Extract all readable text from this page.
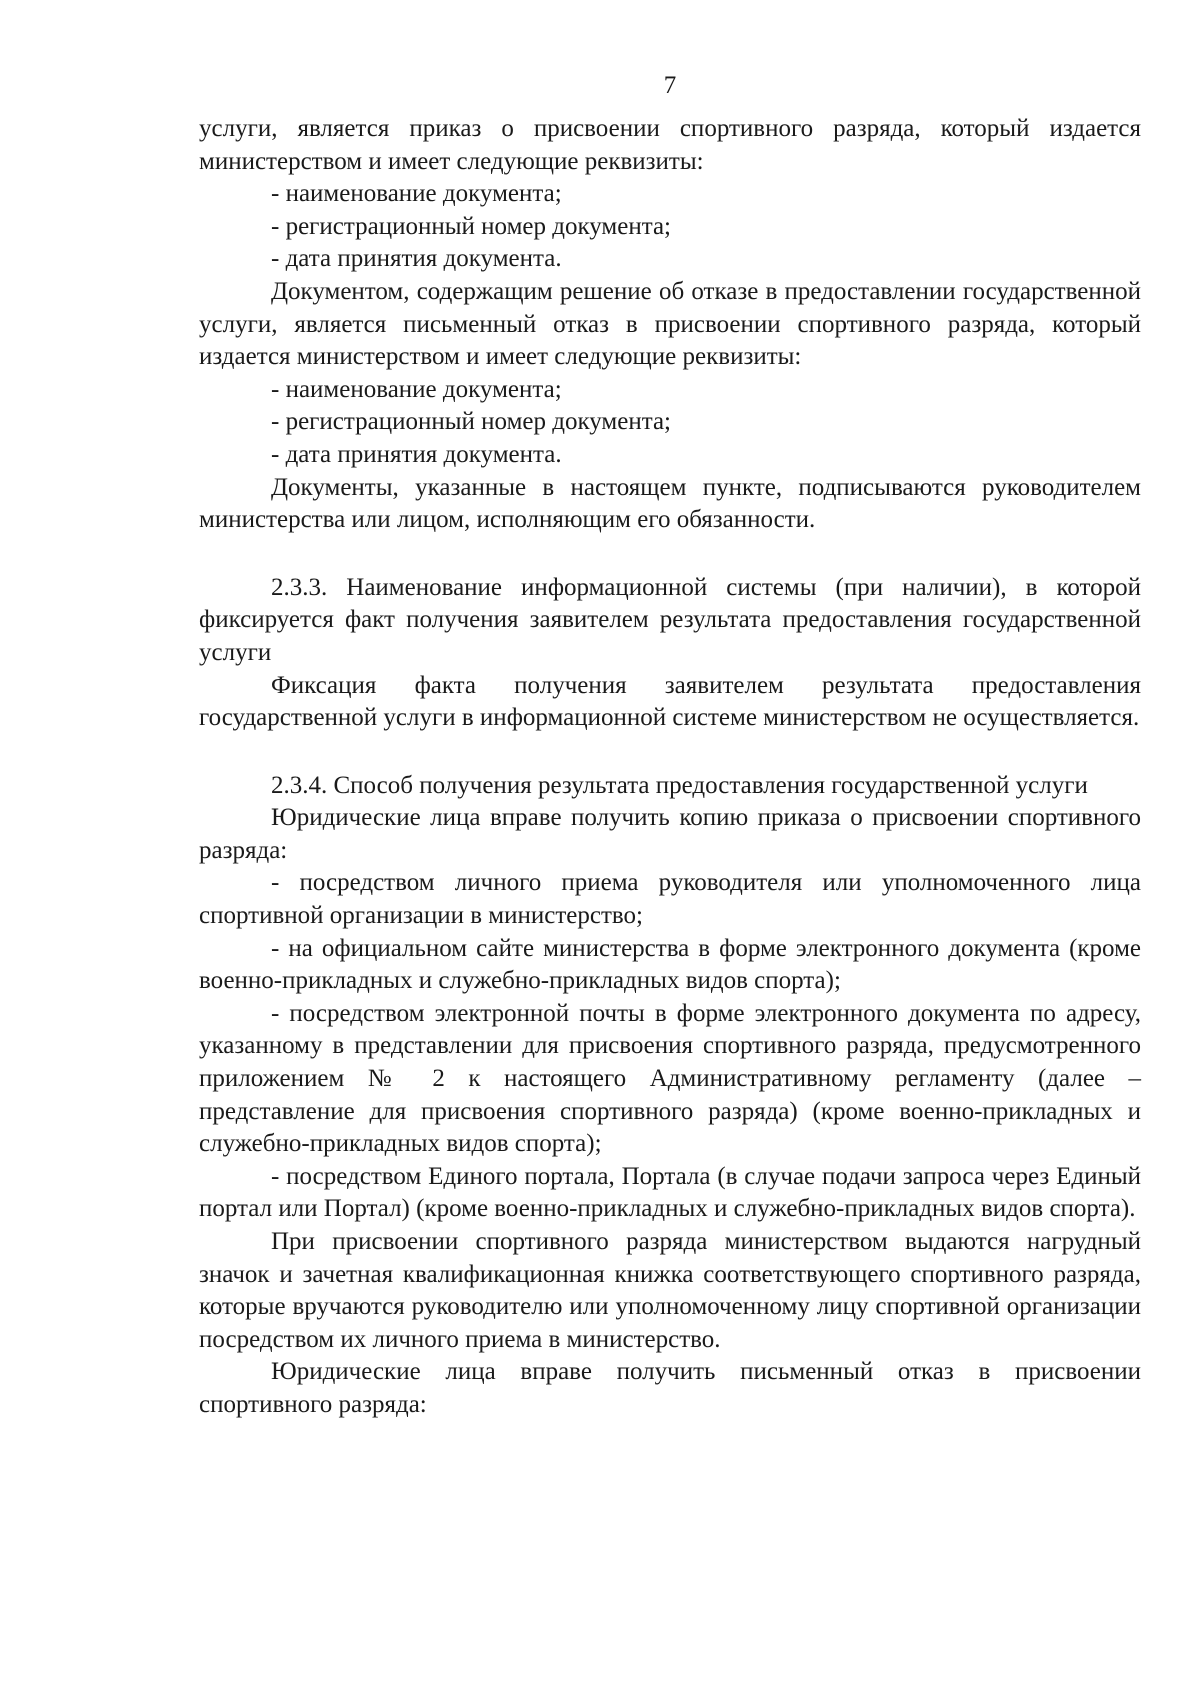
7

услуги, является приказ о присвоении спортивного разряда, который издается министерством и имеет следующие реквизиты:

- наименование документа;

- регистрационный номер документа;

- дата принятия документа.

Документом, содержащим решение об отказе в предоставлении государственной услуги, является письменный отказ в присвоении спортивного разряда, который издается министерством и имеет следующие реквизиты:

- наименование документа;

- регистрационный номер документа;

- дата принятия документа.

Документы, указанные в настоящем пункте, подписываются руководителем министерства или лицом, исполняющим его обязанности.

2.3.3. Наименование информационной системы (при наличии), в которой фиксируется факт получения заявителем результата предоставления государственной услуги

Фиксация факта получения заявителем результата предоставления государственной услуги в информационной системе министерством не осуществляется.

2.3.4. Способ получения результата предоставления государственной услуги

Юридические лица вправе получить копию приказа о присвоении спортивного разряда:

- посредством личного приема руководителя или уполномоченного лица спортивной организации в министерство;

- на официальном сайте министерства в форме электронного документа (кроме военно-прикладных и служебно-прикладных видов спорта);

- посредством электронной почты в форме электронного документа по адресу, указанному в представлении для присвоения спортивного разряда, предусмотренного приложением № 2 к настоящего Административному регламенту (далее – представление для присвоения спортивного разряда) (кроме военно-прикладных и служебно-прикладных видов спорта);

- посредством Единого портала, Портала (в случае подачи запроса через Единый портал или Портал) (кроме военно-прикладных и служебно-прикладных видов спорта).

При присвоении спортивного разряда министерством выдаются нагрудный значок и зачетная квалификационная книжка соответствующего спортивного разряда, которые вручаются руководителю или уполномоченному лицу спортивной организации посредством их личного приема в министерство.

Юридические лица вправе получить письменный отказ в присвоении спортивного разряда:
